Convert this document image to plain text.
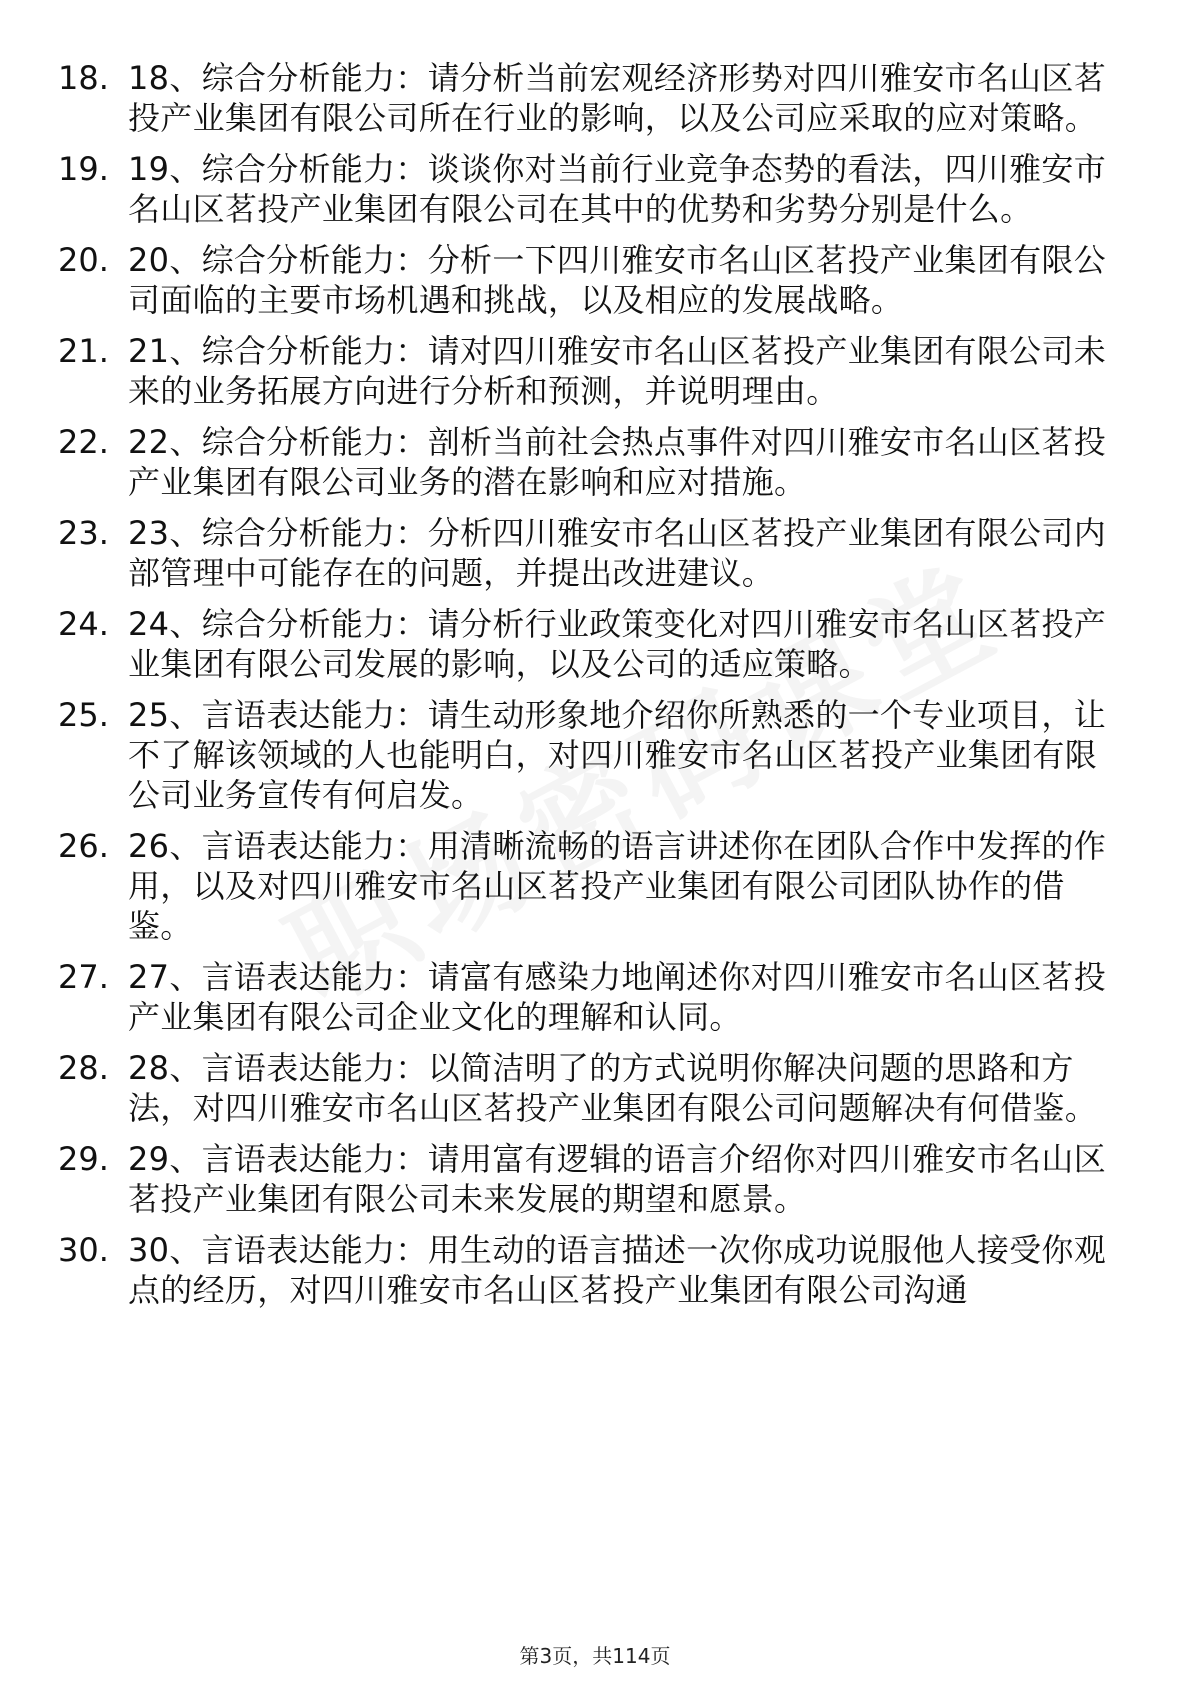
18. 18、综合分析能力：请分析当前宏观经济形势对四川雅安市名山区茗投产业集团有限公司所在行业的影响，以及公司应采取的应对策略。
19. 19、综合分析能力：谈谈你对当前行业竞争态势的看法，四川雅安市名山区茗投产业集团有限公司在其中的优势和劣势分别是什么。
20. 20、综合分析能力：分析一下四川雅安市名山区茗投产业集团有限公司面临的主要市场机遇和挑战，以及相应的发展战略。
21. 21、综合分析能力：请对四川雅安市名山区茗投产业集团有限公司未来的业务拓展方向进行分析和预测，并说明理由。
22. 22、综合分析能力：剖析当前社会热点事件对四川雅安市名山区茗投产业集团有限公司业务的潜在影响和应对措施。
23. 23、综合分析能力：分析四川雅安市名山区茗投产业集团有限公司内部管理中可能存在的问题，并提出改进建议。
24. 24、综合分析能力：请分析行业政策变化对四川雅安市名山区茗投产业集团有限公司发展的影响，以及公司的适应策略。
25. 25、言语表达能力：请生动形象地介绍你所熟悉的一个专业项目，让不了解该领域的人也能明白，对四川雅安市名山区茗投产业集团有限公司业务宣传有何启发。
26. 26、言语表达能力：用清晰流畅的语言讲述你在团队合作中发挥的作用，以及对四川雅安市名山区茗投产业集团有限公司团队协作的借鉴。
27. 27、言语表达能力：请富有感染力地阐述你对四川雅安市名山区茗投产业集团有限公司企业文化的理解和认同。
28. 28、言语表达能力：以简洁明了的方式说明你解决问题的思路和方法，对四川雅安市名山区茗投产业集团有限公司问题解决有何借鉴。
29. 29、言语表达能力：请用富有逻辑的语言介绍你对四川雅安市名山区茗投产业集团有限公司未来发展的期望和愿景。
30. 30、言语表达能力：用生动的语言描述一次你成功说服他人接受你观点的经历，对四川雅安市名山区茗投产业集团有限公司沟通
第3页，共114页
